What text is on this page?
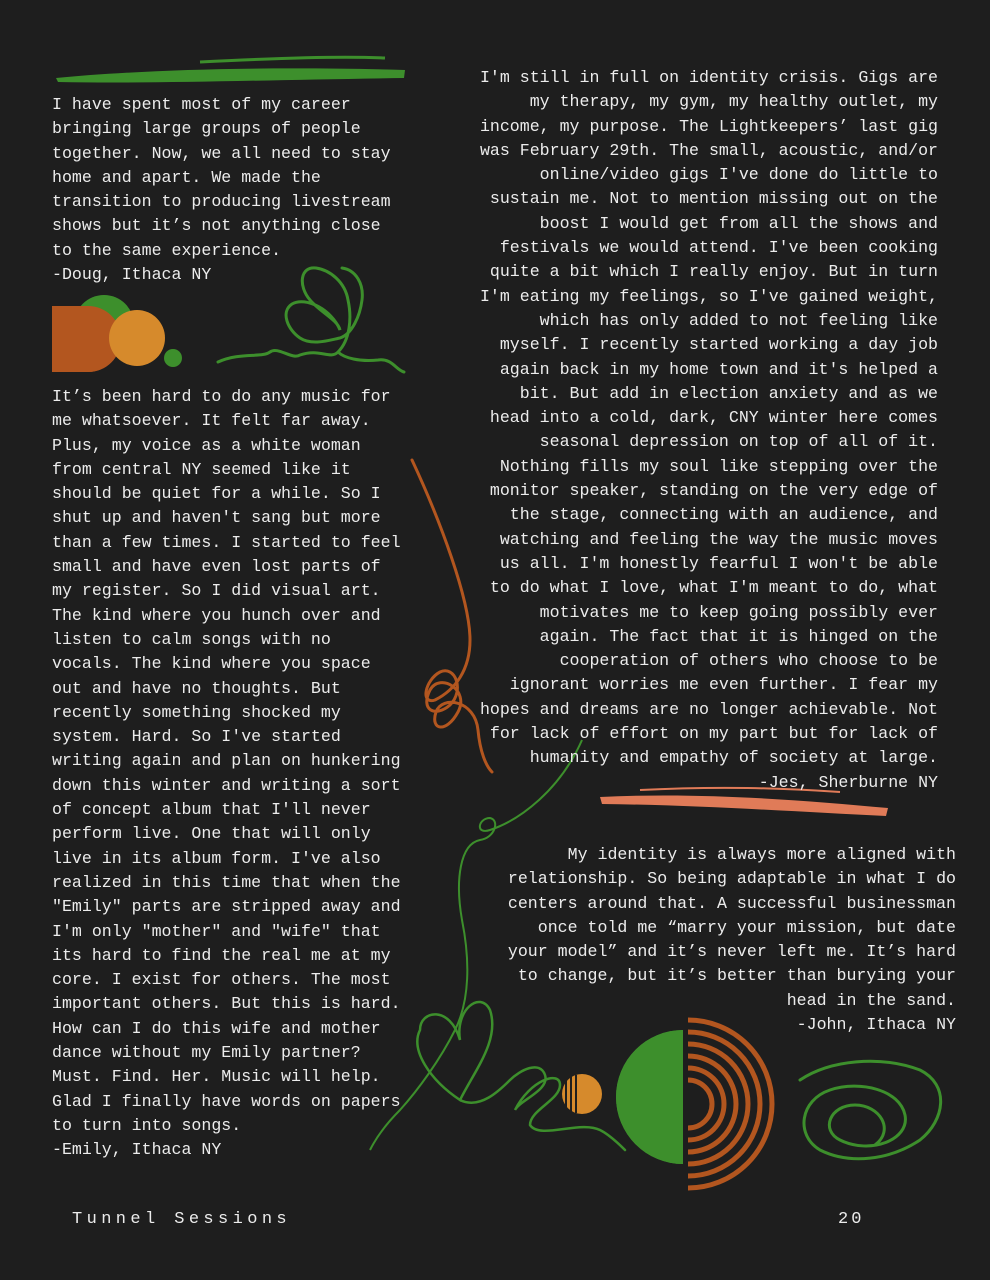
I have spent most of my career
bringing large groups of people
together. Now, we all need to stay
home and apart. We made the
transition to producing livestream
shows but it’s not anything close
to the same experience.
-Doug, Ithaca NY

It’s been hard to do any music for
me whatsoever. It felt far away.
Plus, my voice as a white woman
from central NY seemed like it
should be quiet for a while. So I
shut up and haven't sang but more
than a few times. I started to feel
small and have even lost parts of
my register. So I did visual art.
The kind where you hunch over and
listen to calm songs with no
vocals. The kind where you space
out and have no thoughts. But
recently something shocked my
system. Hard. So I've started
writing again and plan on hunkering
down this winter and writing a sort
of concept album that I'll never
perform live. One that will only
live in its album form. I've also
realized in this time that when the
"Emily" parts are stripped away and
I'm only "mother" and "wife" that
its hard to find the real me at my
core. I exist for others. The most
important others. But this is hard.
How can I do this wife and mother
dance without my Emily partner?
Must. Find. Her. Music will help.
Glad I finally have words on papers
to turn into songs.
-Emily, Ithaca NY

I'm still in full on identity crisis. Gigs are
my therapy, my gym, my healthy outlet, my
income, my purpose. The Lightkeepers’ last gig
was February 29th. The small, acoustic, and/or
online/video gigs I've done do little to
sustain me. Not to mention missing out on the
boost I would get from all the shows and
festivals we would attend. I've been cooking
quite a bit which I really enjoy. But in turn
I'm eating my feelings, so I've gained weight,
which has only added to not feeling like
myself. I recently started working a day job
again back in my home town and it's helped a
bit. But add in election anxiety and as we
head into a cold, dark, CNY winter here comes
seasonal depression on top of all of it.
Nothing fills my soul like stepping over the
monitor speaker, standing on the very edge of
the stage, connecting with an audience, and
watching and feeling the way the music moves
us all. I'm honestly fearful I won't be able
to do what I love, what I'm meant to do, what
motivates me to keep going possibly ever
again. The fact that it is hinged on the
cooperation of others who choose to be
ignorant worries me even further. I fear my
hopes and dreams are no longer achievable. Not
for lack of effort on my part but for lack of
humanity and empathy of society at large.
-Jes, Sherburne NY

My identity is always more aligned with
relationship. So being adaptable in what I do
centers around that. A successful businessman
once told me “marry your mission, but date
your model” and it’s never left me. It’s hard
to change, but it’s better than burying your
head in the sand.
-John, Ithaca NY

Tunnel Sessions	20
